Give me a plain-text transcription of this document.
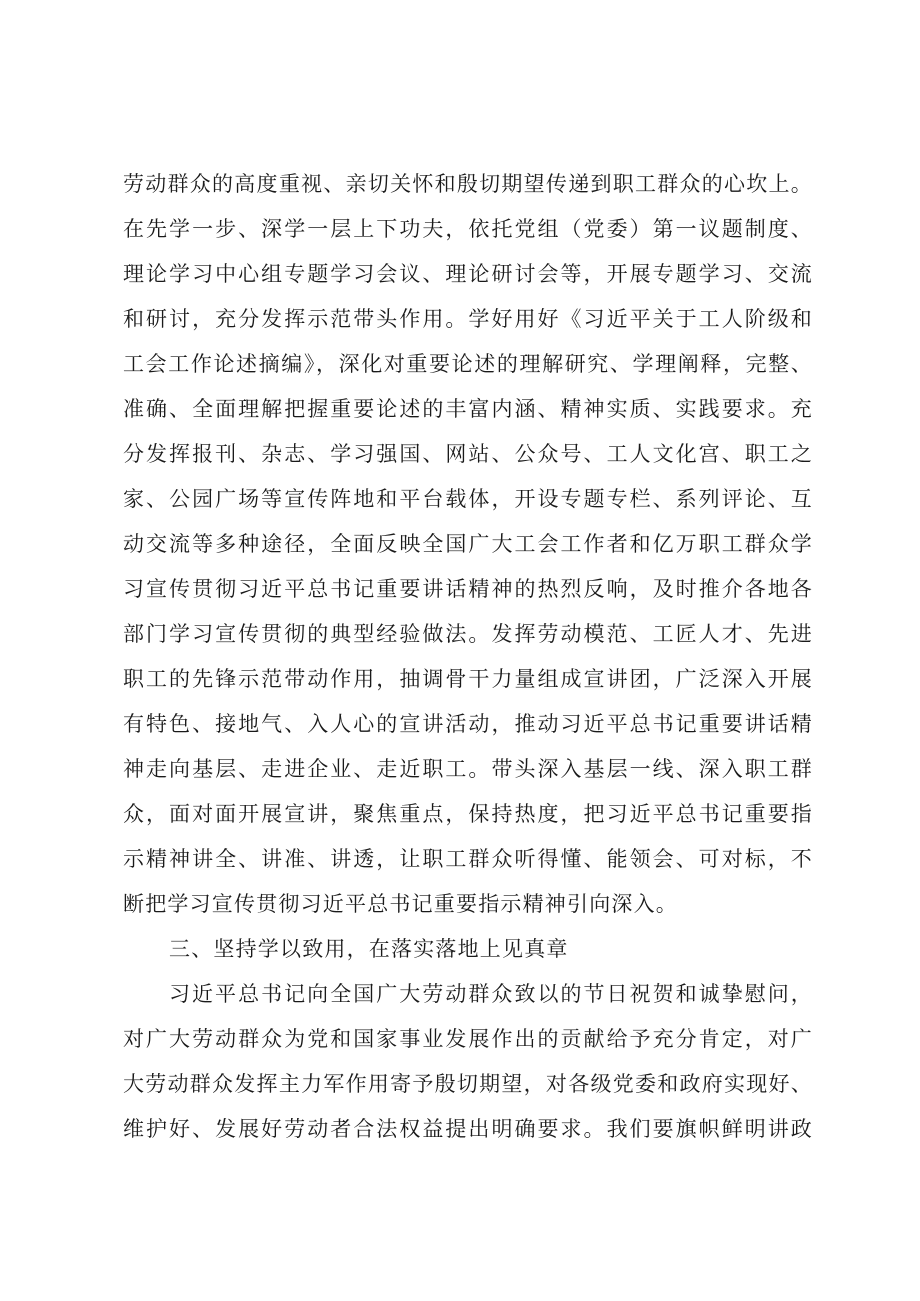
劳动群众的高度重视、亲切关怀和殷切期望传递到职工群众的心坎上。
在先学一步、深学一层上下功夫，依托党组（党委）第一议题制度、
理论学习中心组专题学习会议、理论研讨会等，开展专题学习、交流
和研讨，充分发挥示范带头作用。学好用好《习近平关于工人阶级和
工会工作论述摘编》，深化对重要论述的理解研究、学理阐释，完整、
准确、全面理解把握重要论述的丰富内涵、精神实质、实践要求。充
分发挥报刊、杂志、学习强国、网站、公众号、工人文化宫、职工之
家、公园广场等宣传阵地和平台载体，开设专题专栏、系列评论、互
动交流等多种途径，全面反映全国广大工会工作者和亿万职工群众学
习宣传贯彻习近平总书记重要讲话精神的热烈反响，及时推介各地各
部门学习宣传贯彻的典型经验做法。发挥劳动模范、工匠人才、先进
职工的先锋示范带动作用，抽调骨干力量组成宣讲团，广泛深入开展
有特色、接地气、入人心的宣讲活动，推动习近平总书记重要讲话精
神走向基层、走进企业、走近职工。带头深入基层一线、深入职工群
众，面对面开展宣讲，聚焦重点，保持热度，把习近平总书记重要指
示精神讲全、讲准、讲透，让职工群众听得懂、能领会、可对标，不
断把学习宣传贯彻习近平总书记重要指示精神引向深入。
三、坚持学以致用，在落实落地上见真章
习近平总书记向全国广大劳动群众致以的节日祝贺和诚挚慰问，
对广大劳动群众为党和国家事业发展作出的贡献给予充分肯定，对广
大劳动群众发挥主力军作用寄予殷切期望，对各级党委和政府实现好、
维护好、发展好劳动者合法权益提出明确要求。我们要旗帜鲜明讲政
